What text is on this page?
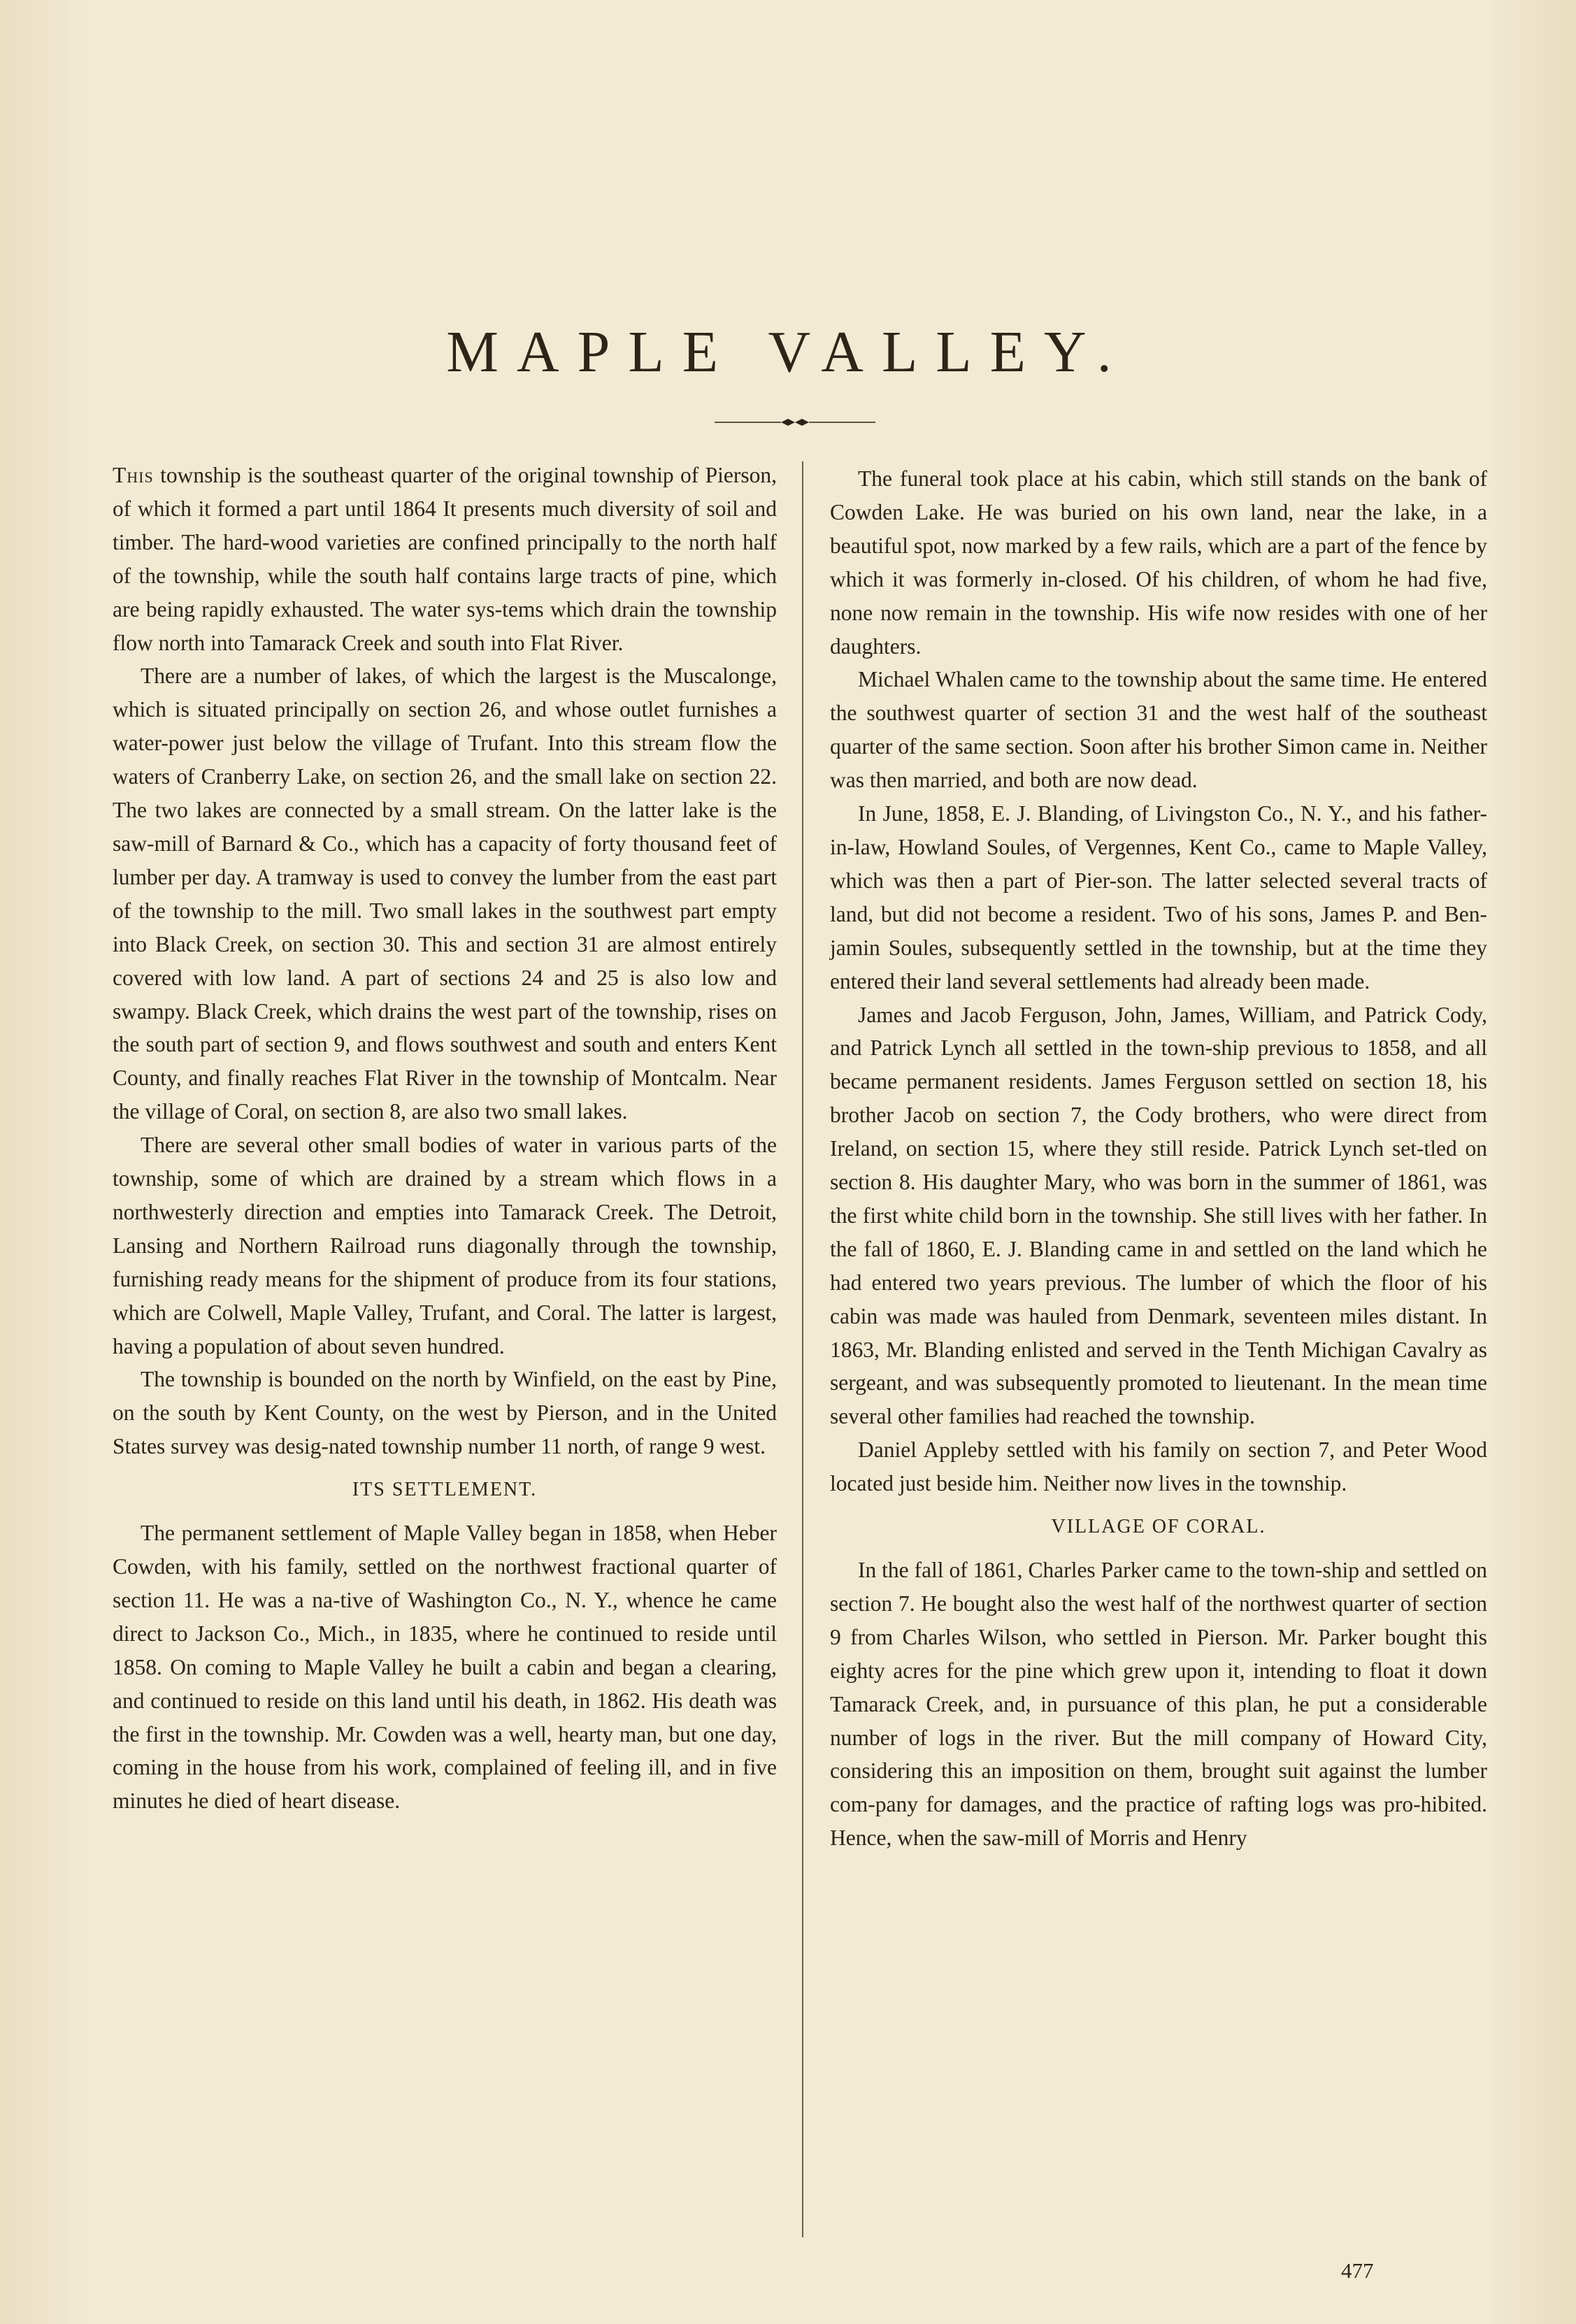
MAPLE VALLEY.

This township is the southeast quarter of the original township of Pierson, of which it formed a part until 1864 It presents much diversity of soil and timber. The hard-wood varieties are confined principally to the north half of the township, while the south half contains large tracts of pine, which are being rapidly exhausted. The water sys-tems which drain the township flow north into Tamarack Creek and south into Flat River.

There are a number of lakes, of which the largest is the Muscalonge, which is situated principally on section 26, and whose outlet furnishes a water-power just below the village of Trufant. Into this stream flow the waters of Cranberry Lake, on section 26, and the small lake on section 22. The two lakes are connected by a small stream. On the latter lake is the saw-mill of Barnard & Co., which has a capacity of forty thousand feet of lumber per day. A tramway is used to convey the lumber from the east part of the township to the mill. Two small lakes in the southwest part empty into Black Creek, on section 30. This and section 31 are almost entirely covered with low land. A part of sections 24 and 25 is also low and swampy. Black Creek, which drains the west part of the township, rises on the south part of section 9, and flows southwest and south and enters Kent County, and finally reaches Flat River in the township of Montcalm. Near the village of Coral, on section 8, are also two small lakes.

There are several other small bodies of water in various parts of the township, some of which are drained by a stream which flows in a northwesterly direction and empties into Tamarack Creek. The Detroit, Lansing and Northern Railroad runs diagonally through the township, furnishing ready means for the shipment of produce from its four stations, which are Colwell, Maple Valley, Trufant, and Coral. The latter is largest, having a population of about seven hundred.

The township is bounded on the north by Winfield, on the east by Pine, on the south by Kent County, on the west by Pierson, and in the United States survey was desig-nated township number 11 north, of range 9 west.

ITS SETTLEMENT.

The permanent settlement of Maple Valley began in 1858, when Heber Cowden, with his family, settled on the northwest fractional quarter of section 11. He was a na-tive of Washington Co., N. Y., whence he came direct to Jackson Co., Mich., in 1835, where he continued to reside until 1858. On coming to Maple Valley he built a cabin and began a clearing, and continued to reside on this land until his death, in 1862. His death was the first in the township. Mr. Cowden was a well, hearty man, but one day, coming in the house from his work, complained of feeling ill, and in five minutes he died of heart disease.

The funeral took place at his cabin, which still stands on the bank of Cowden Lake. He was buried on his own land, near the lake, in a beautiful spot, now marked by a few rails, which are a part of the fence by which it was formerly in-closed. Of his children, of whom he had five, none now remain in the township. His wife now resides with one of her daughters.

Michael Whalen came to the township about the same time. He entered the southwest quarter of section 31 and the west half of the southeast quarter of the same section. Soon after his brother Simon came in. Neither was then married, and both are now dead.

In June, 1858, E. J. Blanding, of Livingston Co., N. Y., and his father-in-law, Howland Soules, of Vergennes, Kent Co., came to Maple Valley, which was then a part of Pier-son. The latter selected several tracts of land, but did not become a resident. Two of his sons, James P. and Ben-jamin Soules, subsequently settled in the township, but at the time they entered their land several settlements had already been made.

James and Jacob Ferguson, John, James, William, and Patrick Cody, and Patrick Lynch all settled in the town-ship previous to 1858, and all became permanent residents. James Ferguson settled on section 18, his brother Jacob on section 7, the Cody brothers, who were direct from Ireland, on section 15, where they still reside. Patrick Lynch set-tled on section 8. His daughter Mary, who was born in the summer of 1861, was the first white child born in the township. She still lives with her father. In the fall of 1860, E. J. Blanding came in and settled on the land which he had entered two years previous. The lumber of which the floor of his cabin was made was hauled from Denmark, seventeen miles distant. In 1863, Mr. Blanding enlisted and served in the Tenth Michigan Cavalry as sergeant, and was subsequently promoted to lieutenant. In the mean time several other families had reached the township.

Daniel Appleby settled with his family on section 7, and Peter Wood located just beside him. Neither now lives in the township.

VILLAGE OF CORAL.

In the fall of 1861, Charles Parker came to the town-ship and settled on section 7. He bought also the west half of the northwest quarter of section 9 from Charles Wilson, who settled in Pierson. Mr. Parker bought this eighty acres for the pine which grew upon it, intending to float it down Tamarack Creek, and, in pursuance of this plan, he put a considerable number of logs in the river. But the mill company of Howard City, considering this an imposition on them, brought suit against the lumber com-pany for damages, and the practice of rafting logs was pro-hibited. Hence, when the saw-mill of Morris and Henry

477
